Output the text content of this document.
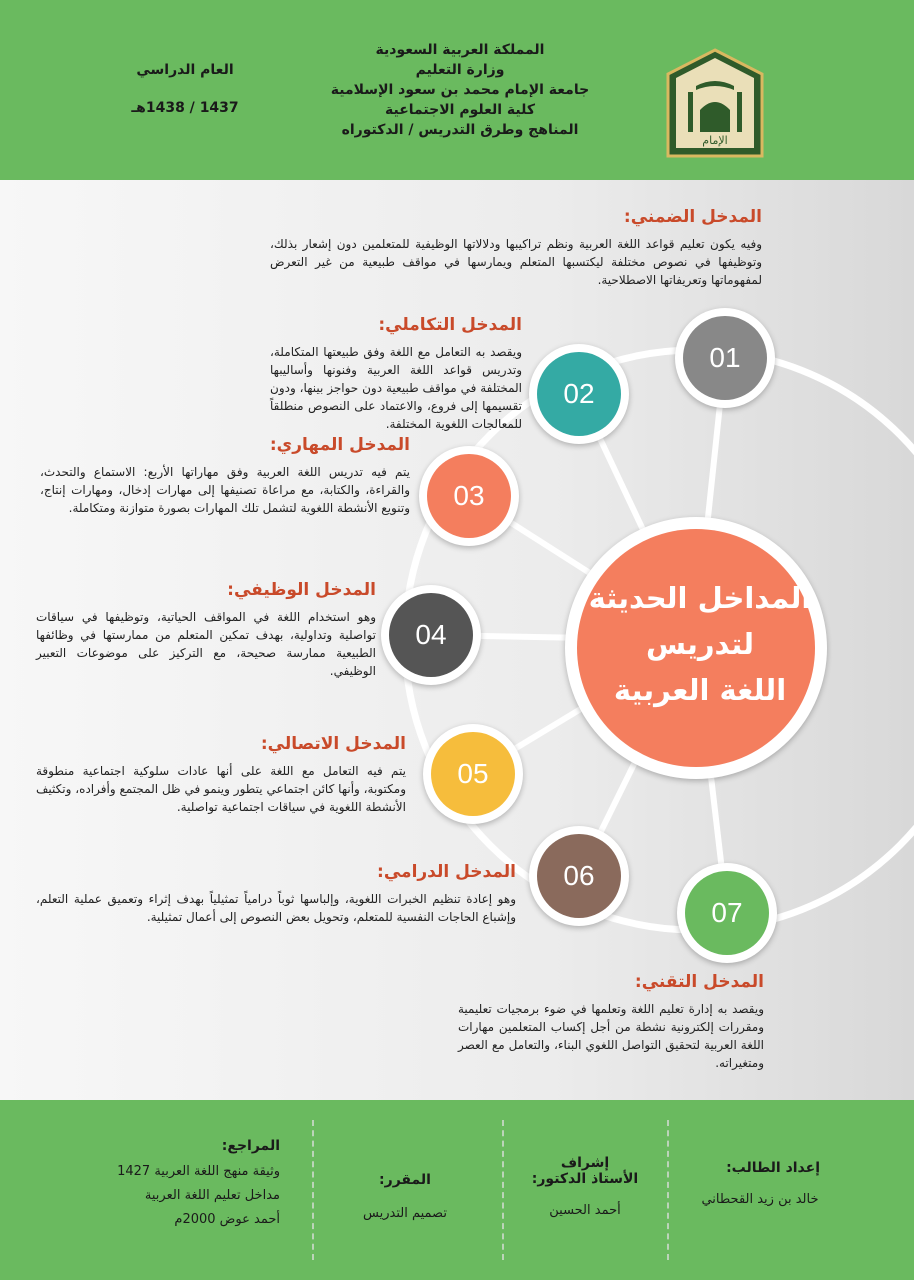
المملكة العربية السعودية
وزارة التعليم
جامعة الإمام محمد بن سعود الإسلامية
كلية العلوم الاجتماعية
المناهج وطرق التدريس / الدكتوراه
العام الدراسي
1437 / 1438هـ
الإمام
01
02
03
04
05
06
07
المداخل الحديثة
لتدريس
اللغة العربية
المدخل الضمني:

وفيه يكون تعليم قواعد اللغة العربية ونظم تراكيبها ودلالاتها الوظيفية للمتعلمين دون إشعار بذلك، وتوظيفها في نصوص مختلفة ليكتسبها المتعلم ويمارسها في مواقف طبيعية من غير التعرض لمفهوماتها وتعريفاتها الاصطلاحية.

المدخل التكاملي:

ويقصد به التعامل مع اللغة وفق طبيعتها المتكاملة، وتدريس قواعد اللغة العربية وفنونها وأساليبها المختلفة في مواقف طبيعية دون حواجز بينها، ودون تقسيمها إلى فروع، والاعتماد على النصوص منطلقاً للمعالجات اللغوية المختلفة.

المدخل المهاري:

يتم فيه تدريس اللغة العربية وفق مهاراتها الأربع: الاستماع والتحدث، والقراءة، والكتابة، مع مراعاة تصنيفها إلى مهارات إدخال، ومهارات إنتاج، وتنويع الأنشطة اللغوية لتشمل تلك المهارات بصورة متوازنة ومتكاملة.

المدخل الوظيفي:

وهو استخدام اللغة في المواقف الحياتية، وتوظيفها في سياقات تواصلية وتداولية، بهدف تمكين المتعلم من ممارستها في وظائفها الطبيعية ممارسة صحيحة، مع التركيز على موضوعات التعبير الوظيفي.

المدخل الاتصالي:

يتم فيه التعامل مع اللغة على أنها عادات سلوكية اجتماعية منطوقة ومكتوبة، وأنها كائن اجتماعي يتطور وينمو في ظل المجتمع وأفراده، وتكثيف الأنشطة اللغوية في سياقات اجتماعية تواصلية.

المدخل الدرامي:

وهو إعادة تنظيم الخبرات اللغوية، وإلباسها ثوباً درامياً تمثيلياً بهدف إثراء وتعميق عملية التعلم، وإشباع الحاجات النفسية للمتعلم، وتحويل بعض النصوص إلى أعمال تمثيلية.

المدخل التقني:

ويقصد به إدارة تعليم اللغة وتعلمها في ضوء برمجيات تعليمية ومقررات إلكترونية نشطة من أجل إكساب المتعلمين مهارات اللغة العربية لتحقيق التواصل اللغوي البناء، والتعامل مع العصر ومتغيراته.

إعداد الطالب:
خالد بن زيد القحطاني
إشراف
الأستاذ الدكتور:
أحمد الحسين
المقرر:
تصميم التدريس
المراجع:
وثيقة منهج اللغة العربية 1427
مداخل تعليم اللغة العربية
أحمد عوض 2000م
